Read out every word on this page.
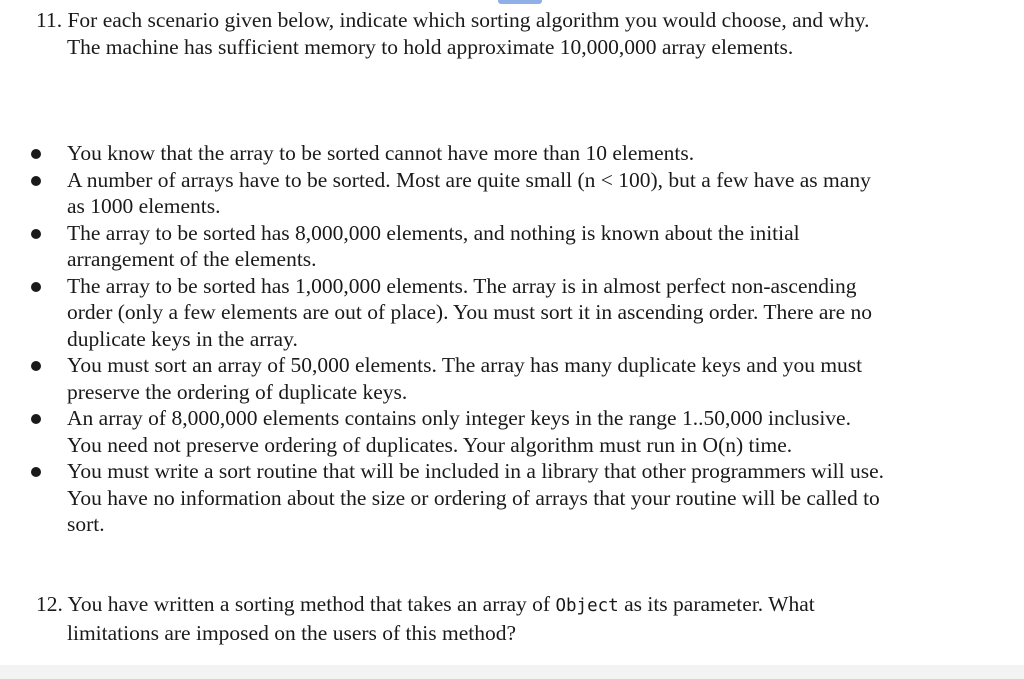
11. For each scenario given below, indicate which sorting algorithm you would choose, and why.
The machine has sufficient memory to hold approximate 10,000,000 array elements.
You know that the array to be sorted cannot have more than 10 elements.
A number of arrays have to be sorted. Most are quite small (n < 100), but a few have as many
as 1000 elements.
The array to be sorted has 8,000,000 elements, and nothing is known about the initial
arrangement of the elements.
The array to be sorted has 1,000,000 elements. The array is in almost perfect non-ascending
order (only a few elements are out of place). You must sort it in ascending order. There are no
duplicate keys in the array.
You must sort an array of 50,000 elements. The array has many duplicate keys and you must
preserve the ordering of duplicate keys.
An array of 8,000,000 elements contains only integer keys in the range 1..50,000 inclusive.
You need not preserve ordering of duplicates. Your algorithm must run in O(n) time.
You must write a sort routine that will be included in a library that other programmers will use.
You have no information about the size or ordering of arrays that your routine will be called to
sort.
12. You have written a sorting method that takes an array of Object as its parameter. What
limitations are imposed on the users of this method?
